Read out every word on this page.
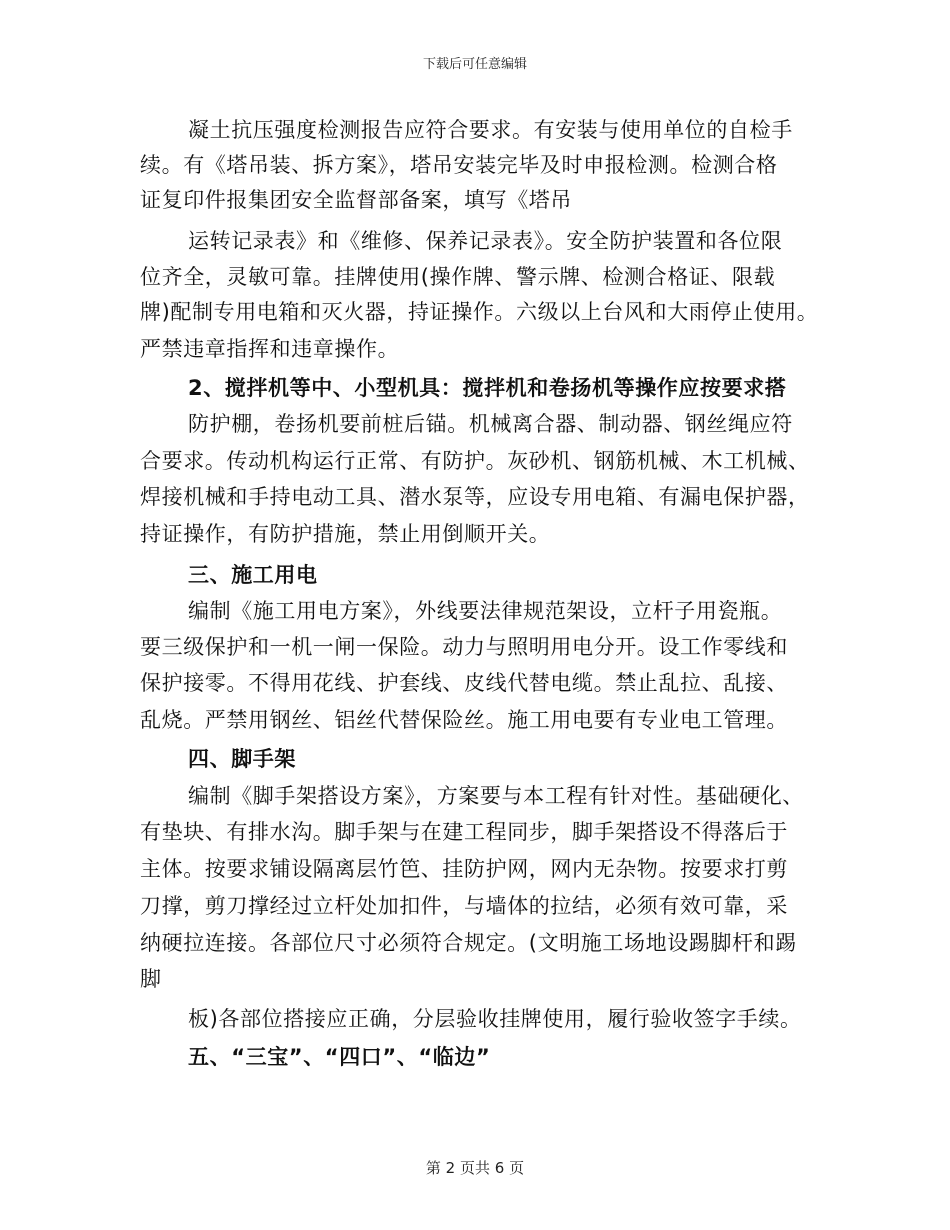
下载后可任意编辑
凝土抗压强度检测报告应符合要求。有安装与使用单位的自检手
续。有《塔吊装、拆方案》，塔吊安装完毕及时申报检测。检测合格
证复印件报集团安全监督部备案，填写《塔吊
运转记录表》和《维修、保养记录表》。安全防护装置和各位限
位齐全，灵敏可靠。挂牌使用(操作牌、警示牌、检测合格证、限载
牌)配制专用电箱和灭火器，持证操作。六级以上台风和大雨停止使用。
严禁违章指挥和违章操作。
2、搅拌机等中、小型机具：搅拌机和卷扬机等操作应按要求搭
防护棚，卷扬机要前桩后锚。机械离合器、制动器、钢丝绳应符
合要求。传动机构运行正常、有防护。灰砂机、钢筋机械、木工机械、
焊接机械和手持电动工具、潜水泵等，应设专用电箱、有漏电保护器，
持证操作，有防护措施，禁止用倒顺开关。
三、施工用电
编制《施工用电方案》，外线要法律规范架设，立杆子用瓷瓶。
要三级保护和一机一闸一保险。动力与照明用电分开。设工作零线和
保护接零。不得用花线、护套线、皮线代替电缆。禁止乱拉、乱接、
乱烧。严禁用钢丝、铝丝代替保险丝。施工用电要有专业电工管理。
四、脚手架
编制《脚手架搭设方案》，方案要与本工程有针对性。基础硬化、
有垫块、有排水沟。脚手架与在建工程同步，脚手架搭设不得落后于
主体。按要求铺设隔离层竹笆、挂防护网，网内无杂物。按要求打剪
刀撑，剪刀撑经过立杆处加扣件，与墙体的拉结，必须有效可靠，采
纳硬拉连接。各部位尺寸必须符合规定。(文明施工场地设踢脚杆和踢
脚
板)各部位搭接应正确，分层验收挂牌使用，履行验收签字手续。
五、“三宝”、“四口”、“临边”
第 2 页共 6 页
